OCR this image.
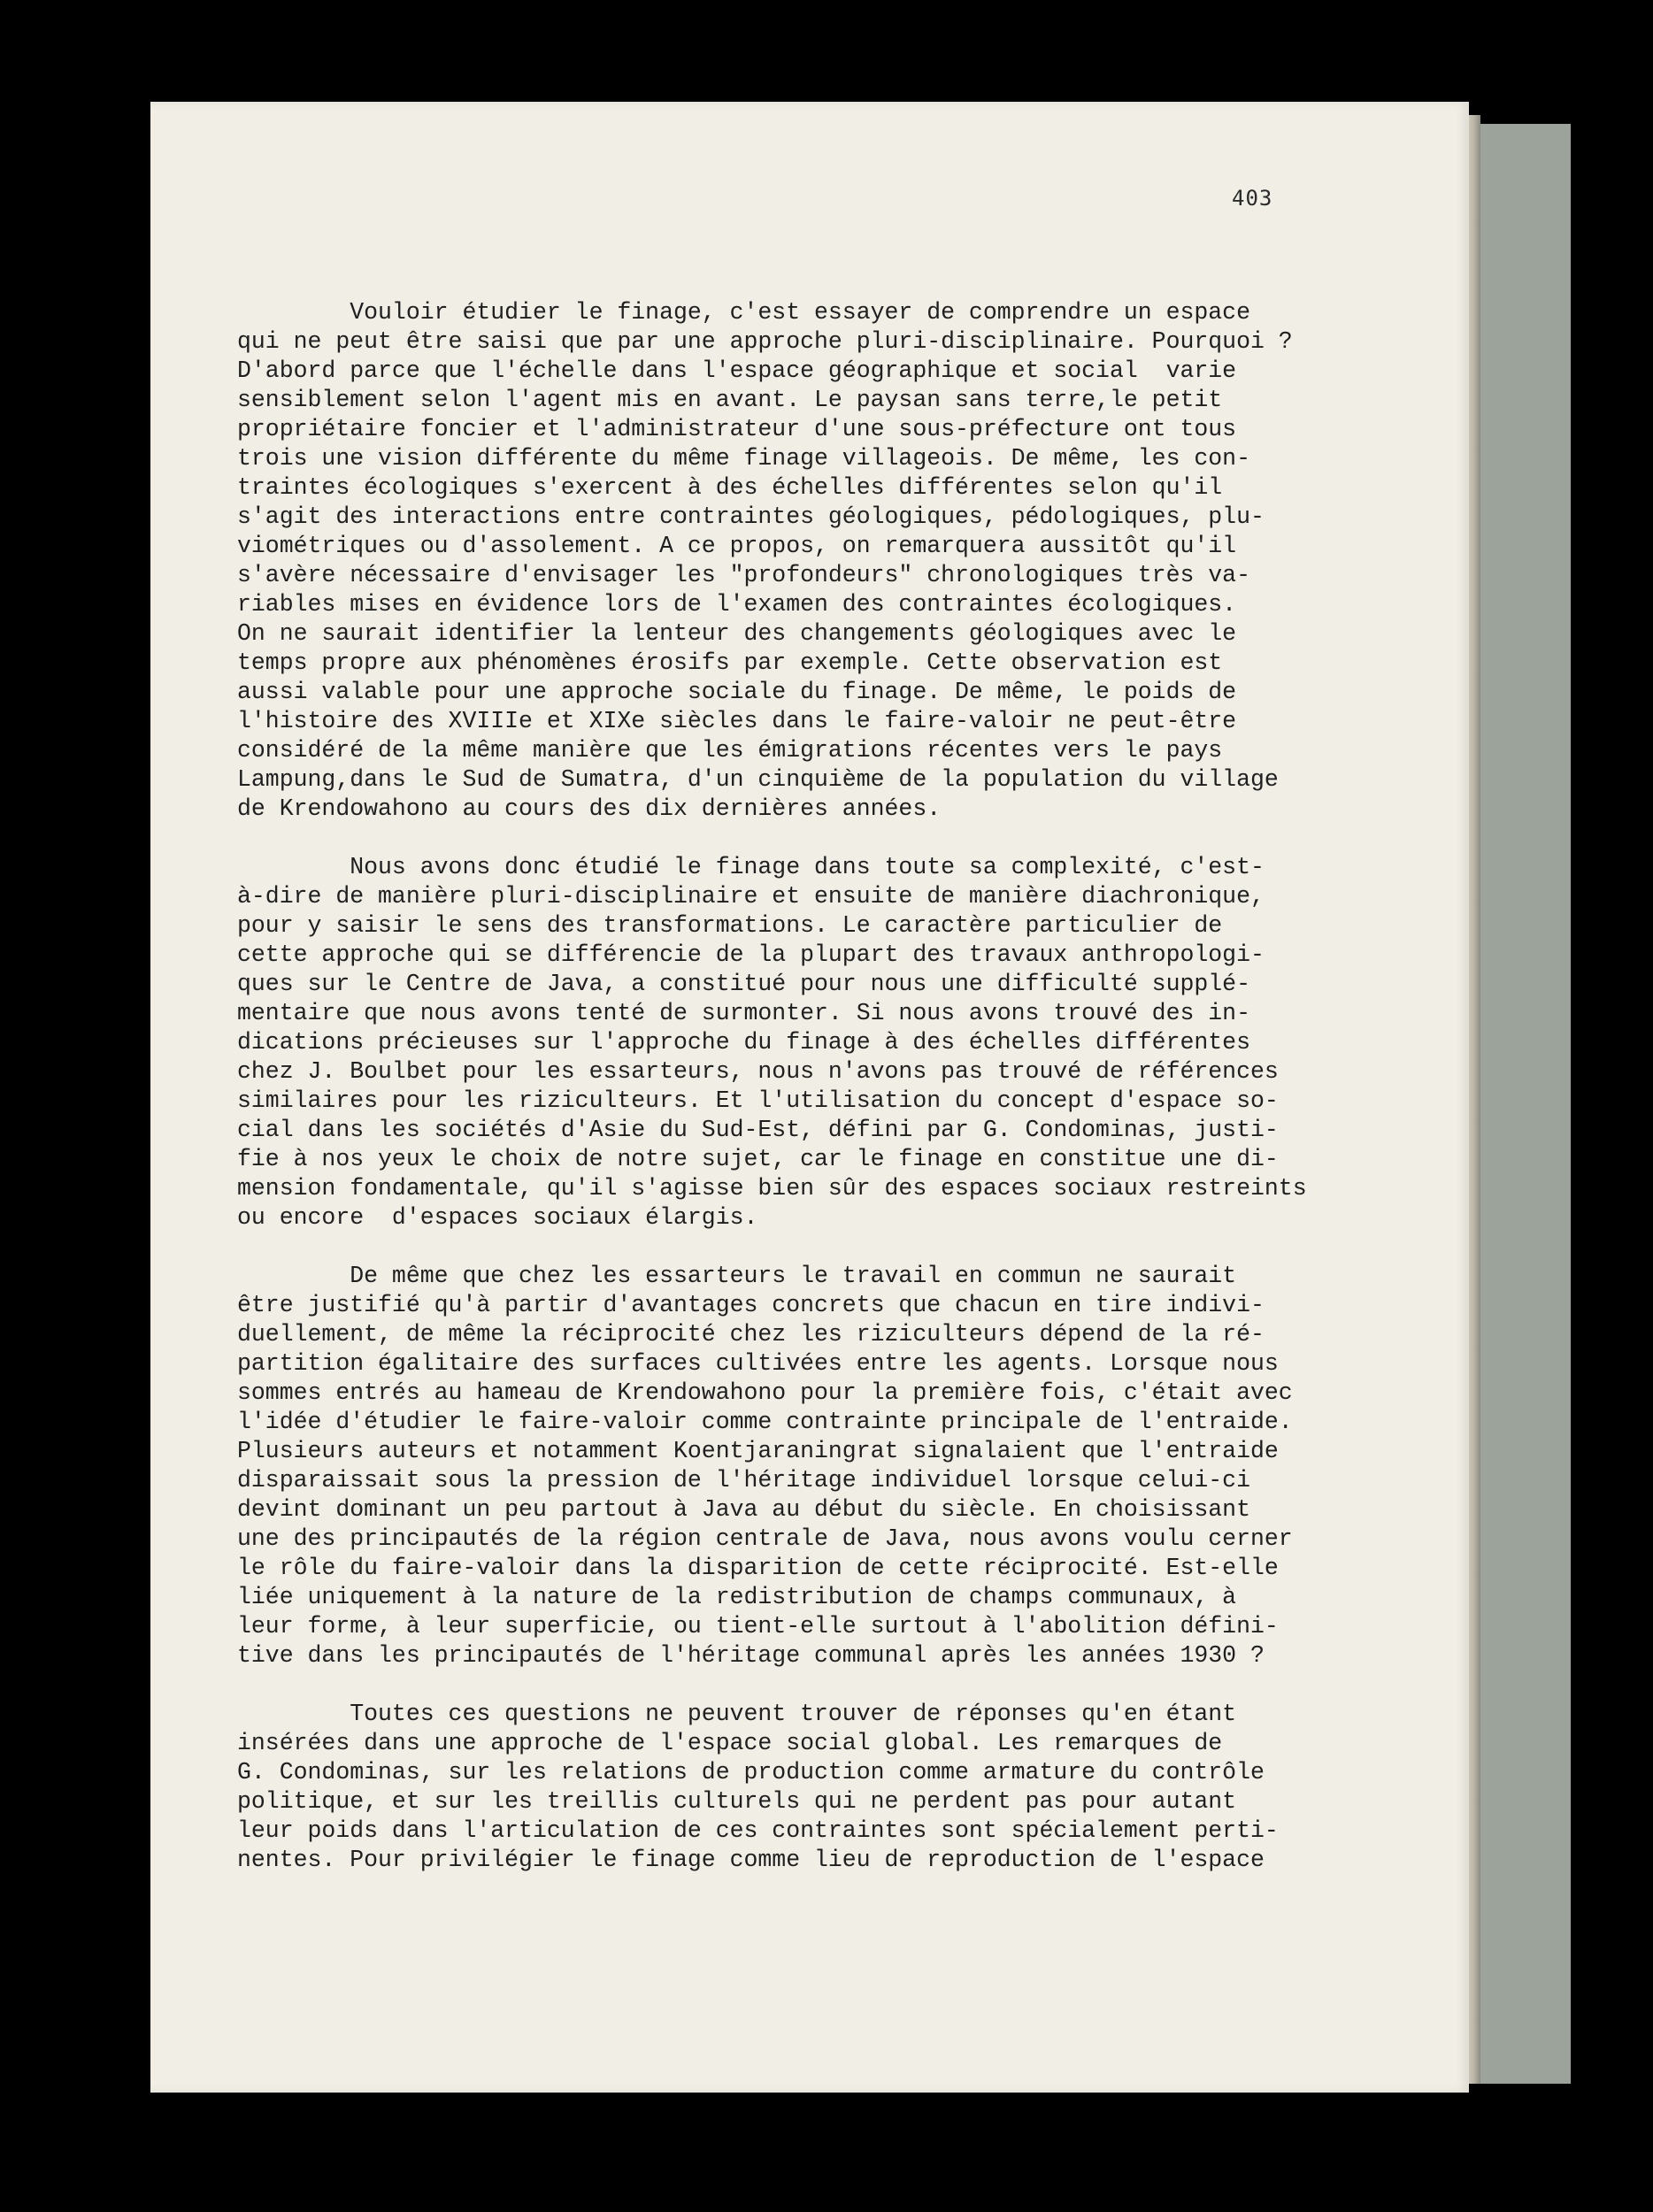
403

Vouloir étudier le finage, c'est essayer de comprendre un espace
qui ne peut être saisi que par une approche pluri-disciplinaire. Pourquoi ?
D'abord parce que l'échelle dans l'espace géographique et social  varie
sensiblement selon l'agent mis en avant. Le paysan sans terre,le petit
propriétaire foncier et l'administrateur d'une sous-préfecture ont tous
trois une vision différente du même finage villageois. De même, les con-
traintes écologiques s'exercent à des échelles différentes selon qu'il
s'agit des interactions entre contraintes géologiques, pédologiques, plu-
viométriques ou d'assolement. A ce propos, on remarquera aussitôt qu'il
s'avère nécessaire d'envisager les "profondeurs" chronologiques très va-
riables mises en évidence lors de l'examen des contraintes écologiques.
On ne saurait identifier la lenteur des changements géologiques avec le
temps propre aux phénomènes érosifs par exemple. Cette observation est
aussi valable pour une approche sociale du finage. De même, le poids de
l'histoire des XVIIIe et XIXe siècles dans le faire-valoir ne peut-être
considéré de la même manière que les émigrations récentes vers le pays
Lampung,dans le Sud de Sumatra, d'un cinquième de la population du village
de Krendowahono au cours des dix dernières années.

Nous avons donc étudié le finage dans toute sa complexité, c'est-
à-dire de manière pluri-disciplinaire et ensuite de manière diachronique,
pour y saisir le sens des transformations. Le caractère particulier de
cette approche qui se différencie de la plupart des travaux anthropologi-
ques sur le Centre de Java, a constitué pour nous une difficulté supplé-
mentaire que nous avons tenté de surmonter. Si nous avons trouvé des in-
dications précieuses sur l'approche du finage à des échelles différentes
chez J. Boulbet pour les essarteurs, nous n'avons pas trouvé de références
similaires pour les riziculteurs. Et l'utilisation du concept d'espace so-
cial dans les sociétés d'Asie du Sud-Est, défini par G. Condominas, justi-
fie à nos yeux le choix de notre sujet, car le finage en constitue une di-
mension fondamentale, qu'il s'agisse bien sûr des espaces sociaux restreints
ou encore  d'espaces sociaux élargis.

De même que chez les essarteurs le travail en commun ne saurait
être justifié qu'à partir d'avantages concrets que chacun en tire indivi-
duellement, de même la réciprocité chez les riziculteurs dépend de la ré-
partition égalitaire des surfaces cultivées entre les agents. Lorsque nous
sommes entrés au hameau de Krendowahono pour la première fois, c'était avec
l'idée d'étudier le faire-valoir comme contrainte principale de l'entraide.
Plusieurs auteurs et notamment Koentjaraningrat signalaient que l'entraide
disparaissait sous la pression de l'héritage individuel lorsque celui-ci
devint dominant un peu partout à Java au début du siècle. En choisissant
une des principautés de la région centrale de Java, nous avons voulu cerner
le rôle du faire-valoir dans la disparition de cette réciprocité. Est-elle
liée uniquement à la nature de la redistribution de champs communaux, à
leur forme, à leur superficie, ou tient-elle surtout à l'abolition défini-
tive dans les principautés de l'héritage communal après les années 1930 ?

Toutes ces questions ne peuvent trouver de réponses qu'en étant
insérées dans une approche de l'espace social global. Les remarques de
G. Condominas, sur les relations de production comme armature du contrôle
politique, et sur les treillis culturels qui ne perdent pas pour autant
leur poids dans l'articulation de ces contraintes sont spécialement perti-
nentes. Pour privilégier le finage comme lieu de reproduction de l'espace
